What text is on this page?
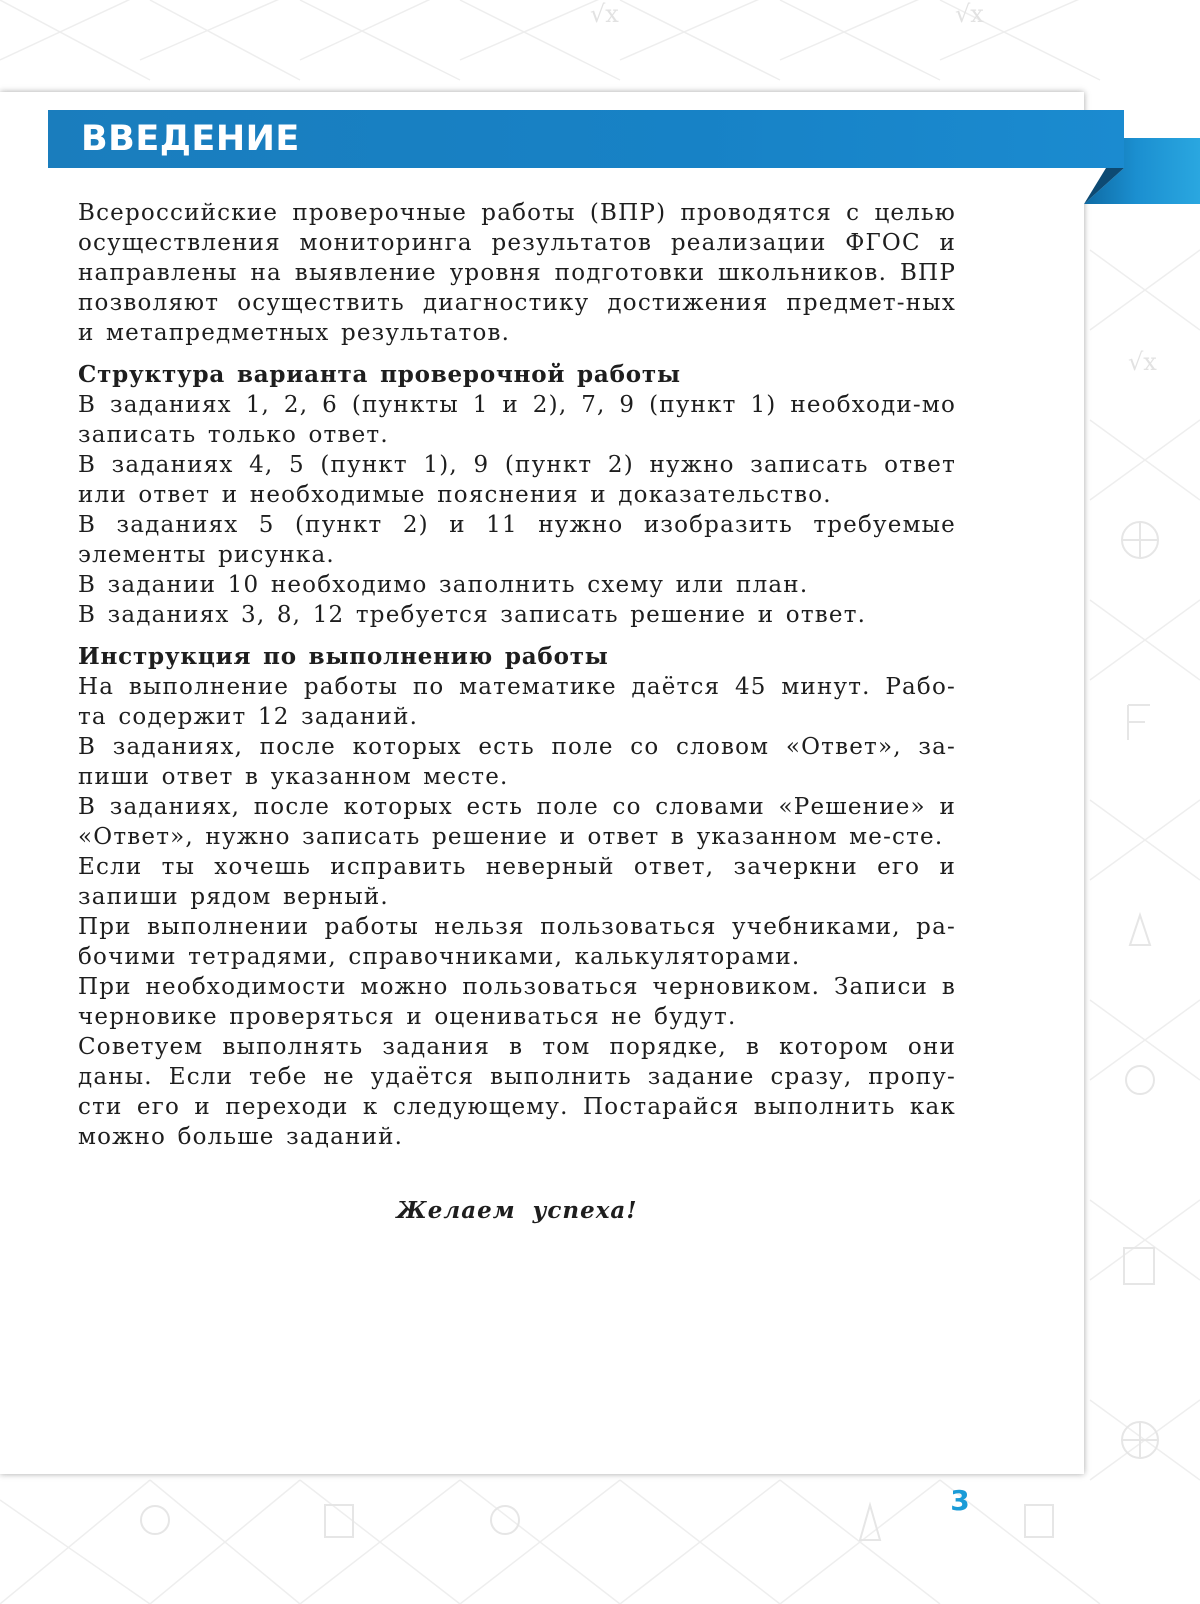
√x
√x
√x
ВВЕДЕНИЕ

Всероссийские проверочные работы (ВПР) проводятся с целью осуществления мониторинга результатов реализации ФГОС и направлены на выявление уровня подготовки школьников. ВПР позволяют осуществить диагностику достижения предмет-ных и метапредметных результатов.

Структура варианта проверочной работы

В заданиях 1, 2, 6 (пункты 1 и 2), 7, 9 (пункт 1) необходи-мо записать только ответ.

В заданиях 4, 5 (пункт 1), 9 (пункт 2) нужно записать ответ или ответ и необходимые пояснения и доказательство.

В заданиях 5 (пункт 2) и 11 нужно изобразить требуемые элементы рисунка.

В задании 10 необходимо заполнить схему или план.

В заданиях 3, 8, 12 требуется записать решение и ответ.

Инструкция по выполнению работы

На выполнение работы по математике даётся 45 минут. Рабо-та содержит 12 заданий.

В заданиях, после которых есть поле со словом «Ответ», за-пиши ответ в указанном месте.

В заданиях, после которых есть поле со словами «Решение» и «Ответ», нужно записать решение и ответ в указанном ме-сте.

Если ты хочешь исправить неверный ответ, зачеркни его и запиши рядом верный.

При выполнении работы нельзя пользоваться учебниками, ра-бочими тетрадями, справочниками, калькуляторами.

При необходимости можно пользоваться черновиком. Записи в черновике проверяться и оцениваться не будут.

Советуем выполнять задания в том порядке, в котором они даны. Если тебе не удаётся выполнить задание сразу, пропу-сти его и переходи к следующему. Постарайся выполнить как можно больше заданий.

Желаем успеха!
3
